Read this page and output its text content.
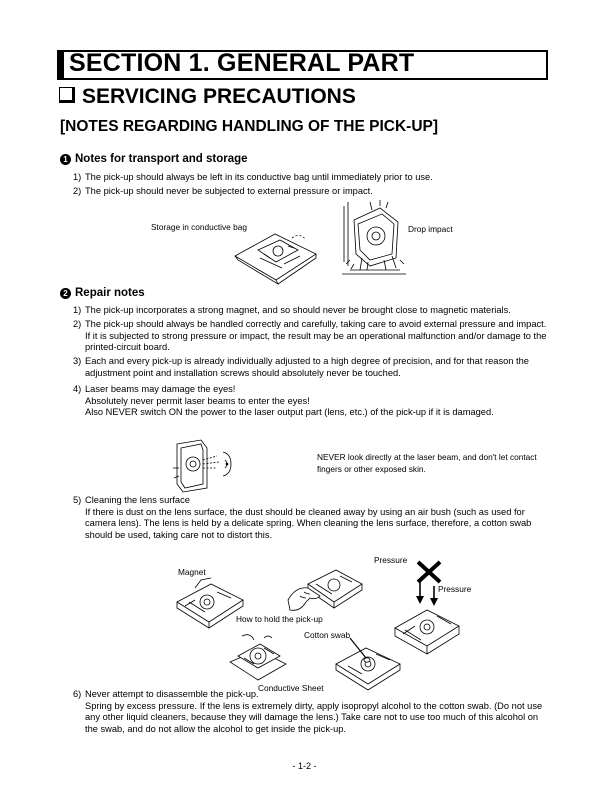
SECTION 1. GENERAL PART
SERVICING PRECAUTIONS
[NOTES REGARDING HANDLING OF THE PICK-UP]
1 Notes for transport and storage
1) The pick-up should always be left in its conductive bag until immediately prior to use.
2) The pick-up should never be subjected to external pressure or impact.
Storage in conductive bag	Drop impact
2 Repair notes
1) The pick-up incorporates a strong magnet, and so should never be brought close to magnetic materials.
2) The pick-up should always be handled correctly and carefully, taking care to avoid external pressure and impact. If it is subjected to strong pressure or impact, the result may be an operational malfunction and/or damage to the printed-circuit board.
3) Each and every pick-up is already individually adjusted to a high degree of precision, and for that reason the adjustment point and installation screws should absolutely never be touched.
4) Laser beams may damage the eyes!
Absolutely never permit laser beams to enter the eyes!
Also NEVER switch ON the power to the laser output part (lens, etc.) of the pick-up if it is damaged.
NEVER look directly at the laser beam, and don't let contact fingers or other exposed skin.
5) Cleaning the lens surface
If there is dust on the lens surface, the dust should be cleaned away by using an air bush (such as used for camera lens). The lens is held by a delicate spring. When cleaning the lens surface, therefore, a cotton swab should be used, taking care not to distort this.
Magnet
Pressure
Pressure
How to hold the pick-up
Cotton swab
Conductive Sheet
6) Never attempt to disassemble the pick-up.
Spring by excess pressure. If the lens is extremely dirty, apply isopropyl alcohol to the cotton swab. (Do not use any other liquid cleaners, because they will damage the lens.) Take care not to use too much of this alcohol on the swab, and do not allow the alcohol to get inside the pick-up.
- 1-2 -
